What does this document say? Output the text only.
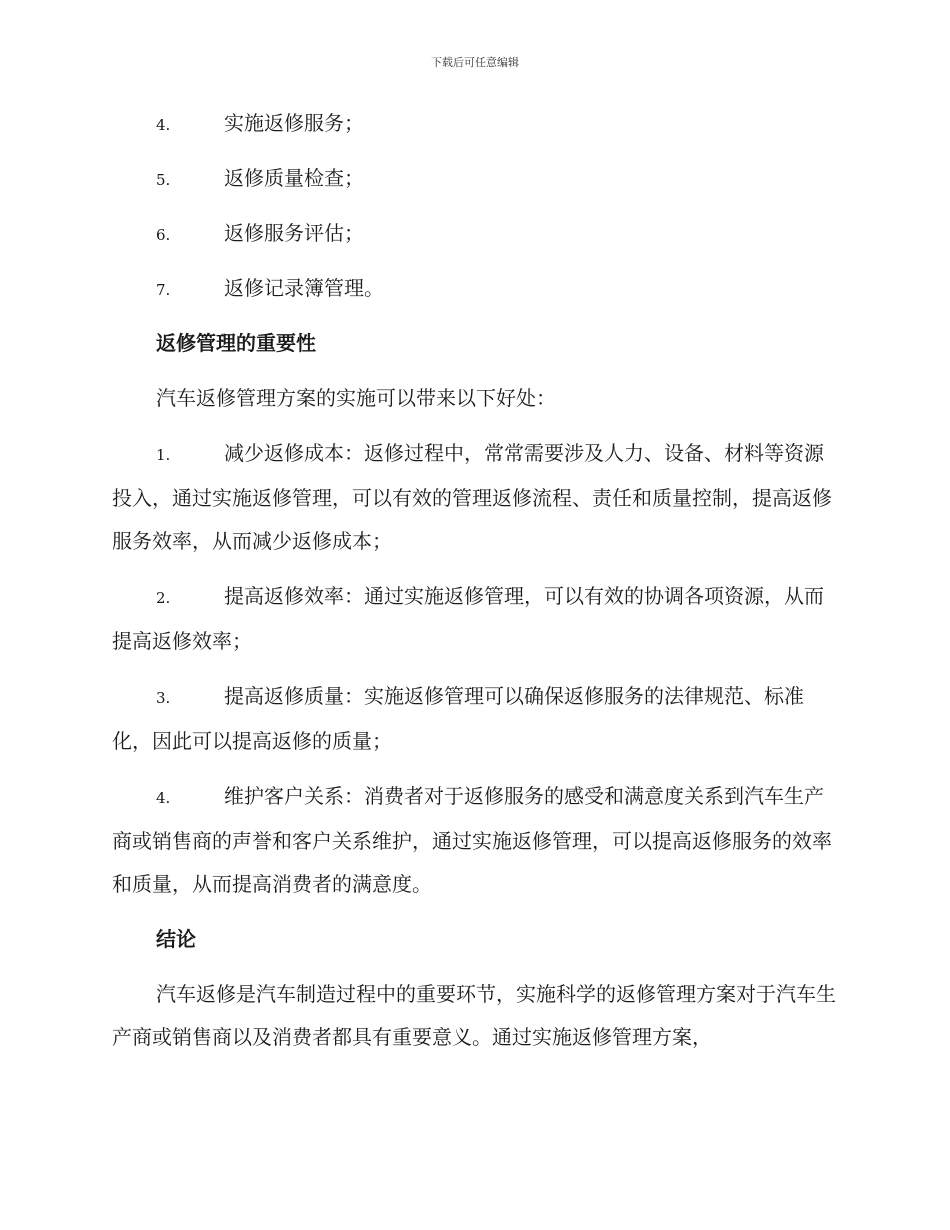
下载后可任意编辑
4.	实施返修服务；
5.	返修质量检查；
6.	返修服务评估；
7.	返修记录簿管理。
返修管理的重要性
汽车返修管理方案的实施可以带来以下好处：
1.	减少返修成本：返修过程中，常常需要涉及人力、设备、材料等资源投入，通过实施返修管理，可以有效的管理返修流程、责任和质量控制，提高返修服务效率，从而减少返修成本；
2.	提高返修效率：通过实施返修管理，可以有效的协调各项资源，从而提高返修效率；
3.	提高返修质量：实施返修管理可以确保返修服务的法律规范、标准化，因此可以提高返修的质量；
4.	维护客户关系：消费者对于返修服务的感受和满意度关系到汽车生产商或销售商的声誉和客户关系维护，通过实施返修管理，可以提高返修服务的效率和质量，从而提高消费者的满意度。
结论
汽车返修是汽车制造过程中的重要环节，实施科学的返修管理方案对于汽车生产商或销售商以及消费者都具有重要意义。通过实施返修管理方案，
